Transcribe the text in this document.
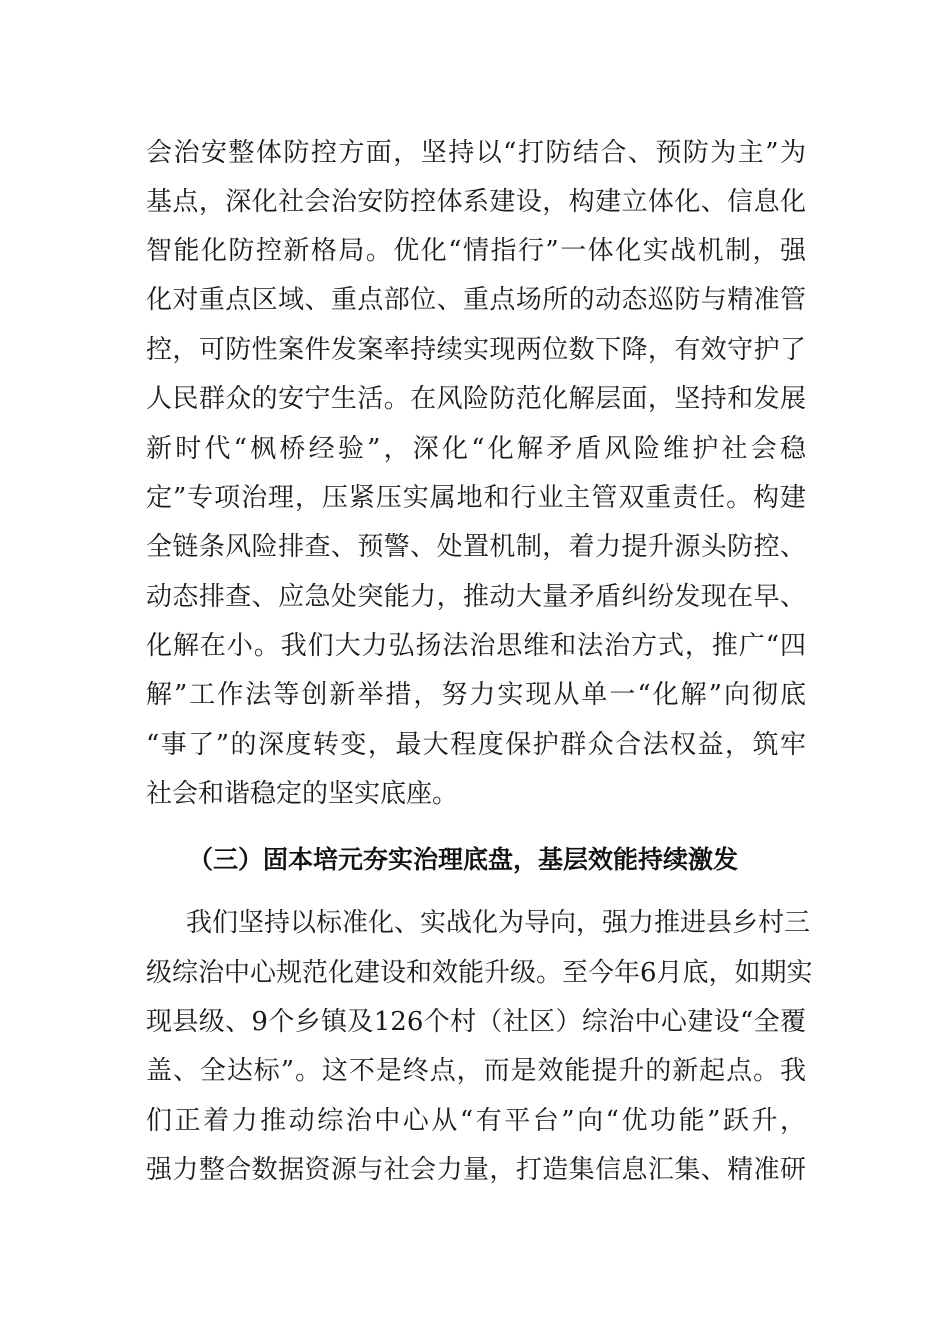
会治安整体防控方面，坚持以“打防结合、预防为主”为
基点，深化社会治安防控体系建设，构建立体化、信息化
智能化防控新格局。优化“情指行”一体化实战机制，强
化对重点区域、重点部位、重点场所的动态巡防与精准管
控，可防性案件发案率持续实现两位数下降，有效守护了
人民群众的安宁生活。在风险防范化解层面，坚持和发展
新时代“枫桥经验”，深化“化解矛盾风险维护社会稳
定”专项治理，压紧压实属地和行业主管双重责任。构建
全链条风险排查、预警、处置机制，着力提升源头防控、
动态排查、应急处突能力，推动大量矛盾纠纷发现在早、
化解在小。我们大力弘扬法治思维和法治方式，推广“四
解”工作法等创新举措，努力实现从单一“化解”向彻底
“事了”的深度转变，最大程度保护群众合法权益，筑牢
社会和谐稳定的坚实底座。
（三）固本培元夯实治理底盘，基层效能持续激发
我们坚持以标准化、实战化为导向，强力推进县乡村三
级综治中心规范化建设和效能升级。至今年6月底，如期实
现县级、9个乡镇及126个村（社区）综治中心建设“全覆
盖、全达标”。这不是终点，而是效能提升的新起点。我
们正着力推动综治中心从“有平台”向“优功能”跃升，
强力整合数据资源与社会力量，打造集信息汇集、精准研
